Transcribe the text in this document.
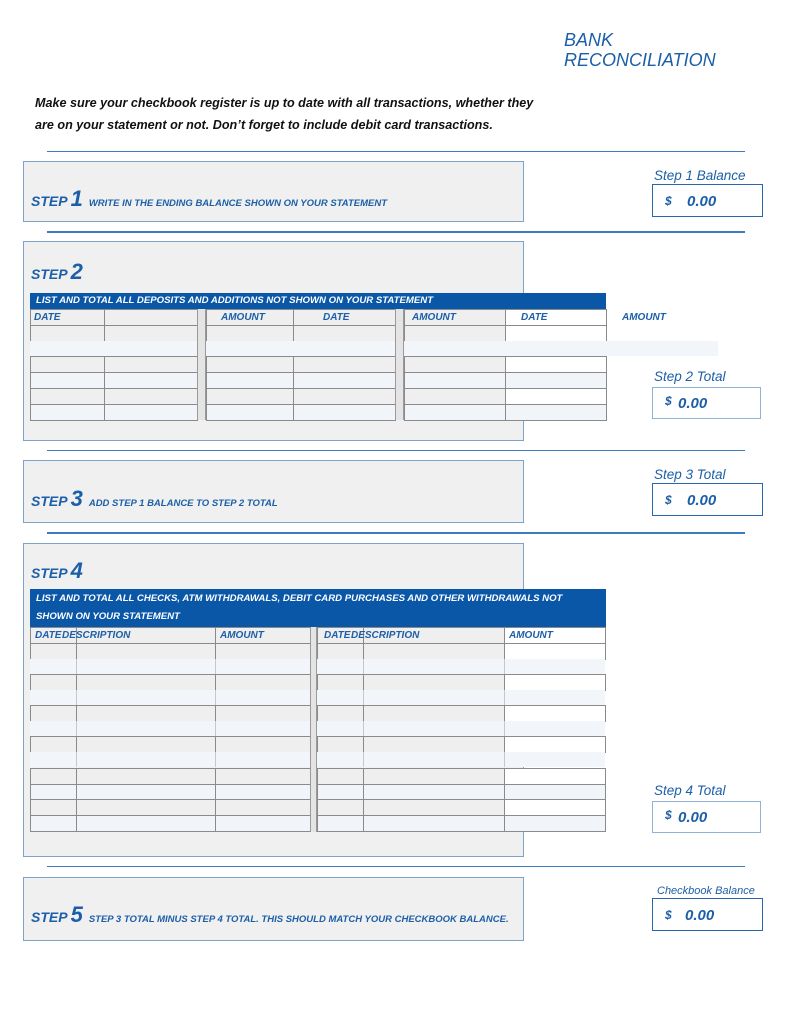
BANK
RECONCILIATION
Make sure your checkbook register is up to date with all transactions, whether they
are on your statement or not. Don’t forget to include debit card transactions.
STEP 1 WRITE IN THE ENDING BALANCE SHOWN ON YOUR STATEMENT
Step 1 Balance
$ 0.00
STEP 2
LIST AND TOTAL ALL DEPOSITS AND ADDITIONS NOT SHOWN ON YOUR STATEMENT
Step 2 Total
$ 0.00
STEP 3 ADD STEP 1 BALANCE TO STEP 2 TOTAL
Step 3 Total
$ 0.00
STEP 4
LIST AND TOTAL ALL CHECKS, ATM WITHDRAWALS, DEBIT CARD PURCHASES AND OTHER WITHDRAWALS NOT
SHOWN ON YOUR STATEMENT
Step 4 Total
$ 0.00
STEP 5 STEP 3 TOTAL MINUS STEP 4 TOTAL. THIS SHOULD MATCH YOUR CHECKBOOK BALANCE.
Checkbook Balance
$ 0.00
DATE	AMOUNT	DATE	AMOUNT	DATE	AMOUNT
DATE DESCRIPTION	AMOUNT	DATE DESCRIPTION	AMOUNT
